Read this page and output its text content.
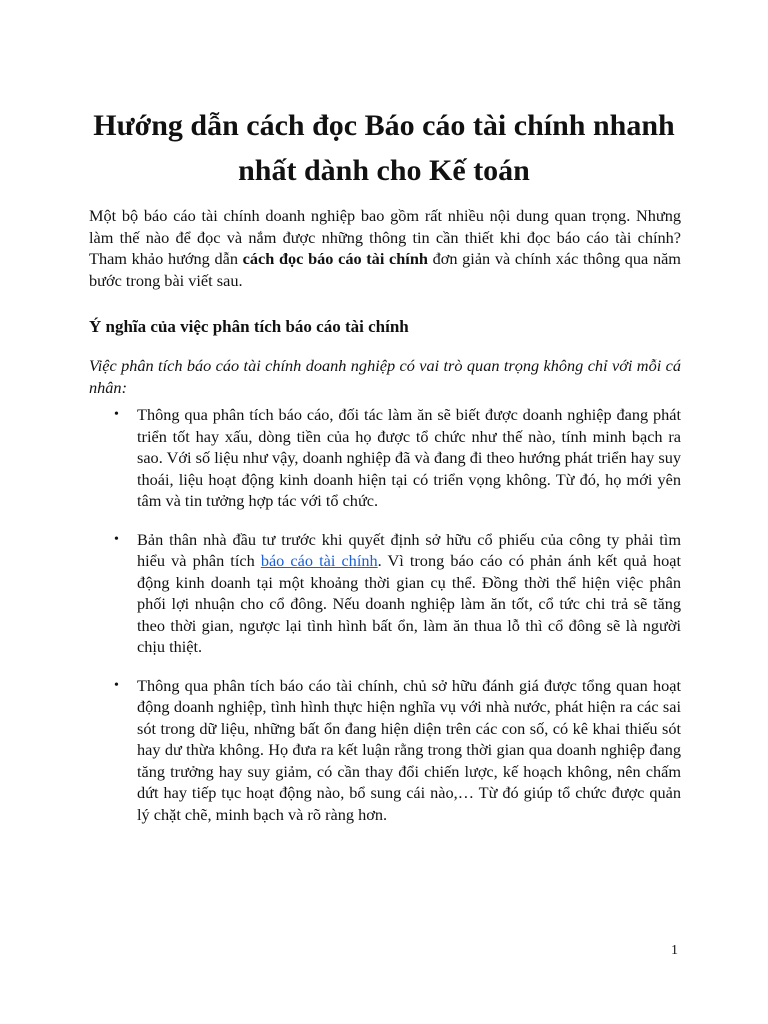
Hướng dẫn cách đọc Báo cáo tài chính nhanh nhất dành cho Kế toán

Một bộ báo cáo tài chính doanh nghiệp bao gồm rất nhiều nội dung quan trọng. Nhưng làm thế nào để đọc và nắm được những thông tin cần thiết khi đọc báo cáo tài chính? Tham khảo hướng dẫn cách đọc báo cáo tài chính đơn giản và chính xác thông qua năm bước trong bài viết sau.

Ý nghĩa của việc phân tích báo cáo tài chính

Việc phân tích báo cáo tài chính doanh nghiệp có vai trò quan trọng không chỉ với mỗi cá nhân:

• Thông qua phân tích báo cáo, đối tác làm ăn sẽ biết được doanh nghiệp đang phát triển tốt hay xấu, dòng tiền của họ được tổ chức như thế nào, tính minh bạch ra sao. Với số liệu như vậy, doanh nghiệp đã và đang đi theo hướng phát triển hay suy thoái, liệu hoạt động kinh doanh hiện tại có triển vọng không. Từ đó, họ mới yên tâm và tin tưởng hợp tác với tổ chức.
• Bản thân nhà đầu tư trước khi quyết định sở hữu cổ phiếu của công ty phải tìm hiểu và phân tích báo cáo tài chính. Vì trong báo cáo có phản ánh kết quả hoạt động kinh doanh tại một khoảng thời gian cụ thể. Đồng thời thể hiện việc phân phối lợi nhuận cho cổ đông. Nếu doanh nghiệp làm ăn tốt, cổ tức chi trả sẽ tăng theo thời gian, ngược lại tình hình bất ổn, làm ăn thua lỗ thì cổ đông sẽ là người chịu thiệt.
• Thông qua phân tích báo cáo tài chính, chủ sở hữu đánh giá được tổng quan hoạt động doanh nghiệp, tình hình thực hiện nghĩa vụ với nhà nước, phát hiện ra các sai sót trong dữ liệu, những bất ổn đang hiện diện trên các con số, có kê khai thiếu sót hay dư thừa không. Họ đưa ra kết luận rằng trong thời gian qua doanh nghiệp đang tăng trưởng hay suy giảm, có cần thay đổi chiến lược, kế hoạch không, nên chấm dứt hay tiếp tục hoạt động nào, bổ sung cái nào,… Từ đó giúp tổ chức được quản lý chặt chẽ, minh bạch và rõ ràng hơn.

1
